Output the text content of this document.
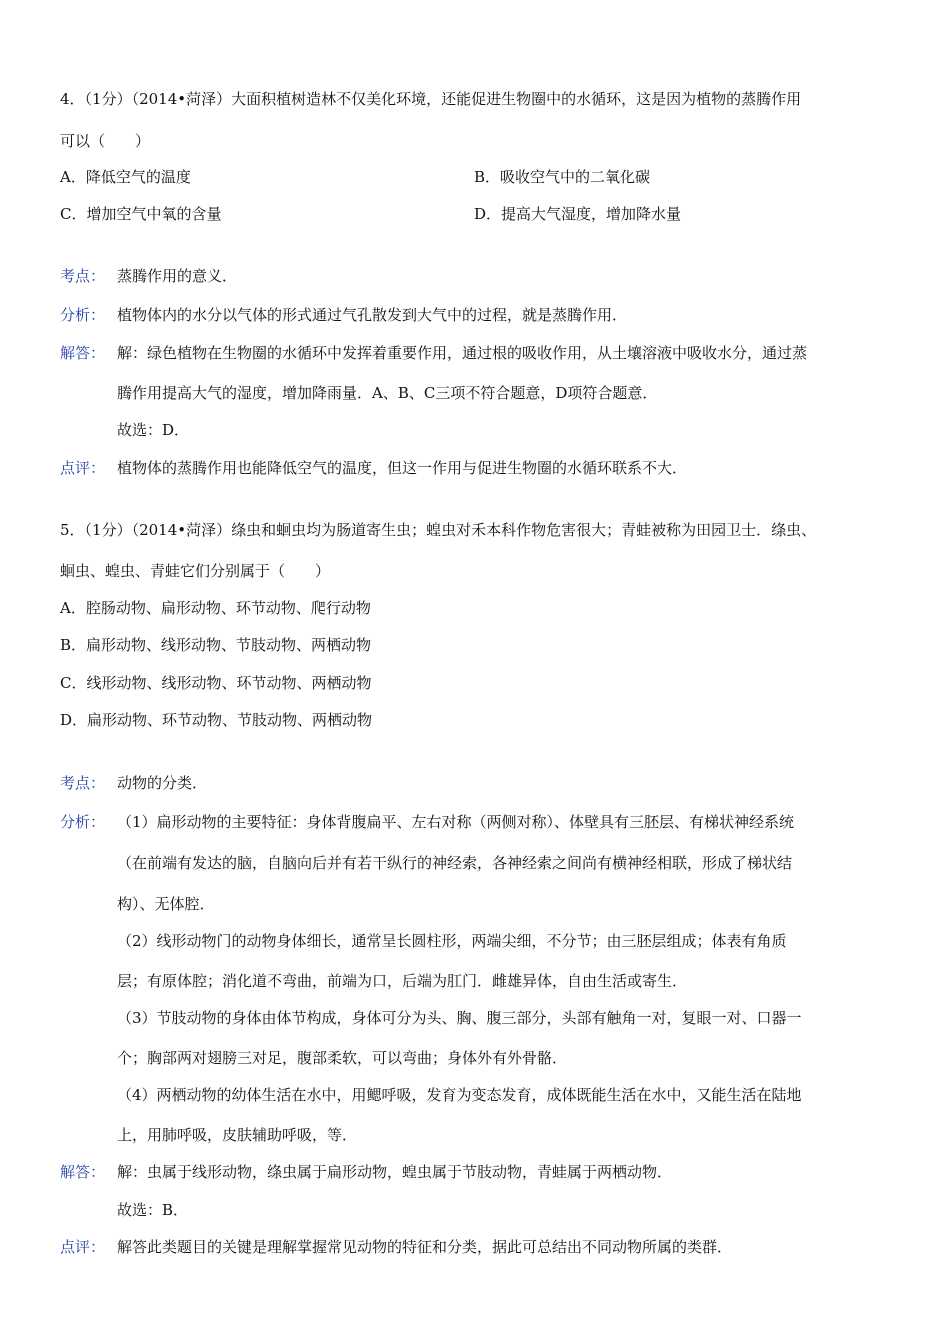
4．（1分）（2014•菏泽）大面积植树造林不仅美化环境，还能促进生物圈中的水循环，这是因为植物的蒸腾作用
可以（　　）
A．降低空气的温度	B．吸收空气中的二氧化碳
C．增加空气中氧的含量	D．提高大气湿度，增加降水量
考点： 蒸腾作用的意义．
分析： 植物体内的水分以气体的形式通过气孔散发到大气中的过程，就是蒸腾作用．
解答： 解：绿色植物在生物圈的水循环中发挥着重要作用，通过根的吸收作用，从土壤溶液中吸收水分，通过蒸
腾作用提高大气的湿度，增加降雨量．A、B、C三项不符合题意，D项符合题意．
故选：D．
点评： 植物体的蒸腾作用也能降低空气的温度，但这一作用与促进生物圈的水循环联系不大．
5．（1分）（2014•菏泽）绦虫和蛔虫均为肠道寄生虫；蝗虫对禾本科作物危害很大；青蛙被称为田园卫士．绦虫、
蛔虫、蝗虫、青蛙它们分别属于（　　）
A．腔肠动物、扁形动物、环节动物、爬行动物
B．扁形动物、线形动物、节肢动物、两栖动物
C．线形动物、线形动物、环节动物、两栖动物
D．扁形动物、环节动物、节肢动物、两栖动物
考点： 动物的分类．
分析： （1）扁形动物的主要特征：身体背腹扁平、左右对称（两侧对称）、体壁具有三胚层、有梯状神经系统
（在前端有发达的脑，自脑向后并有若干纵行的神经索，各神经索之间尚有横神经相联，形成了梯状结
构）、无体腔．
（2）线形动物门的动物身体细长，通常呈长圆柱形，两端尖细，不分节；由三胚层组成；体表有角质
层；有原体腔；消化道不弯曲，前端为口，后端为肛门．雌雄异体，自由生活或寄生．
（3）节肢动物的身体由体节构成，身体可分为头、胸、腹三部分，头部有触角一对，复眼一对、口器一
个；胸部两对翅膀三对足，腹部柔软，可以弯曲；身体外有外骨骼．
（4）两栖动物的幼体生活在水中，用鳃呼吸，发育为变态发育，成体既能生活在水中，又能生活在陆地
上，用肺呼吸，皮肤辅助呼吸，等．
解答： 解：虫属于线形动物，绦虫属于扁形动物，蝗虫属于节肢动物，青蛙属于两栖动物．
故选：B．
点评： 解答此类题目的关键是理解掌握常见动物的特征和分类，据此可总结出不同动物所属的类群．
